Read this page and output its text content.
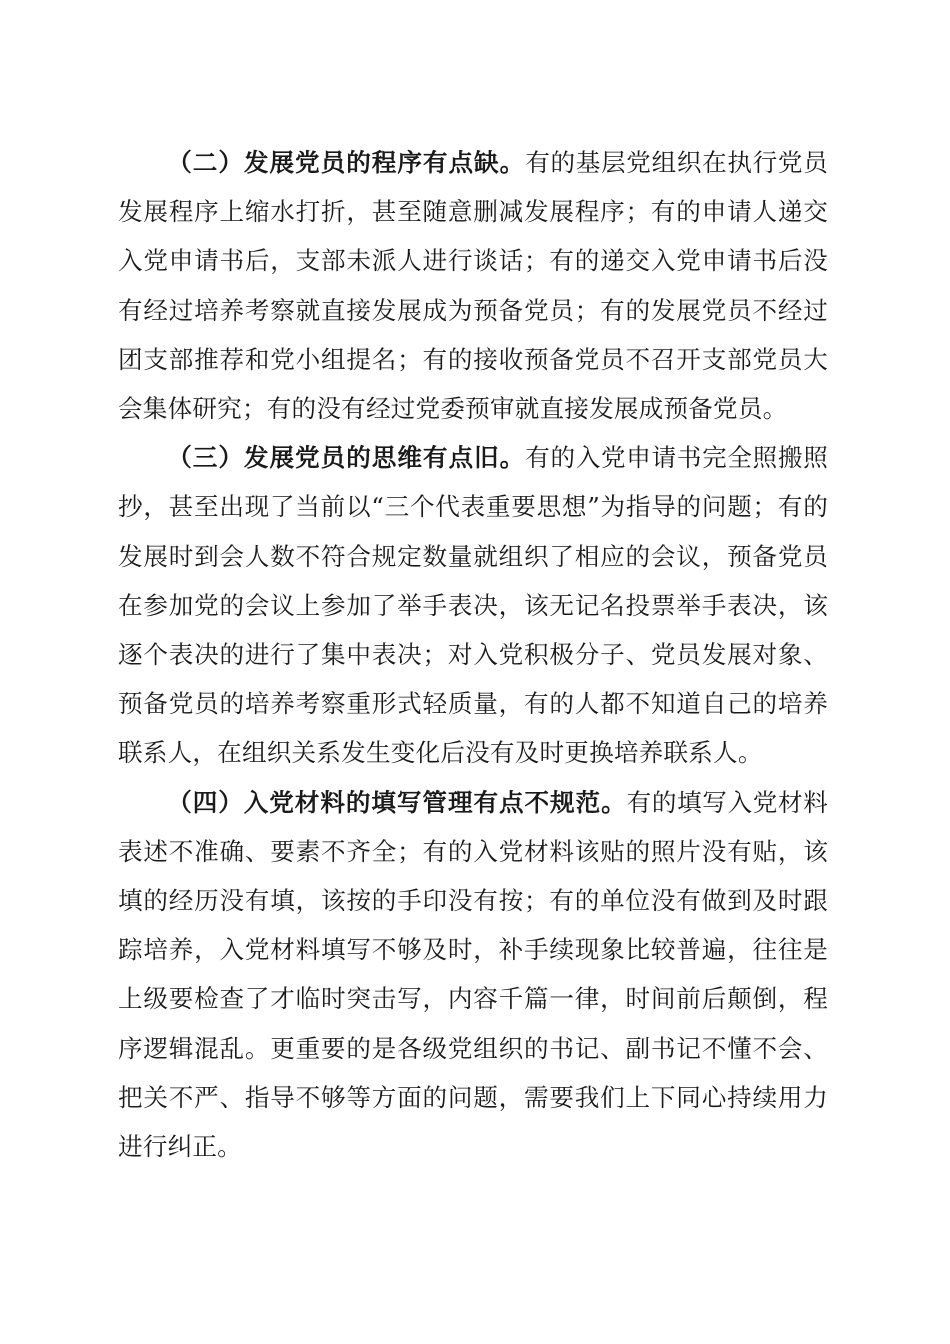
（二）发展党员的程序有点缺。有的基层党组织在执行党员发展程序上缩水打折，甚至随意删减发展程序；有的申请人递交入党申请书后，支部未派人进行谈话；有的递交入党申请书后没有经过培养考察就直接发展成为预备党员；有的发展党员不经过团支部推荐和党小组提名；有的接收预备党员不召开支部党员大会集体研究；有的没有经过党委预审就直接发展成预备党员。

（三）发展党员的思维有点旧。有的入党申请书完全照搬照抄，甚至出现了当前以“三个代表重要思想”为指导的问题；有的发展时到会人数不符合规定数量就组织了相应的会议，预备党员在参加党的会议上参加了举手表决，该无记名投票举手表决，该逐个表决的进行了集中表决；对入党积极分子、党员发展对象、预备党员的培养考察重形式轻质量，有的人都不知道自己的培养联系人，在组织关系发生变化后没有及时更换培养联系人。

（四）入党材料的填写管理有点不规范。有的填写入党材料表述不准确、要素不齐全；有的入党材料该贴的照片没有贴，该填的经历没有填，该按的手印没有按；有的单位没有做到及时跟踪培养，入党材料填写不够及时，补手续现象比较普遍，往往是上级要检查了才临时突击写，内容千篇一律，时间前后颠倒，程序逻辑混乱。更重要的是各级党组织的书记、副书记不懂不会、把关不严、指导不够等方面的问题，需要我们上下同心持续用力进行纠正。
